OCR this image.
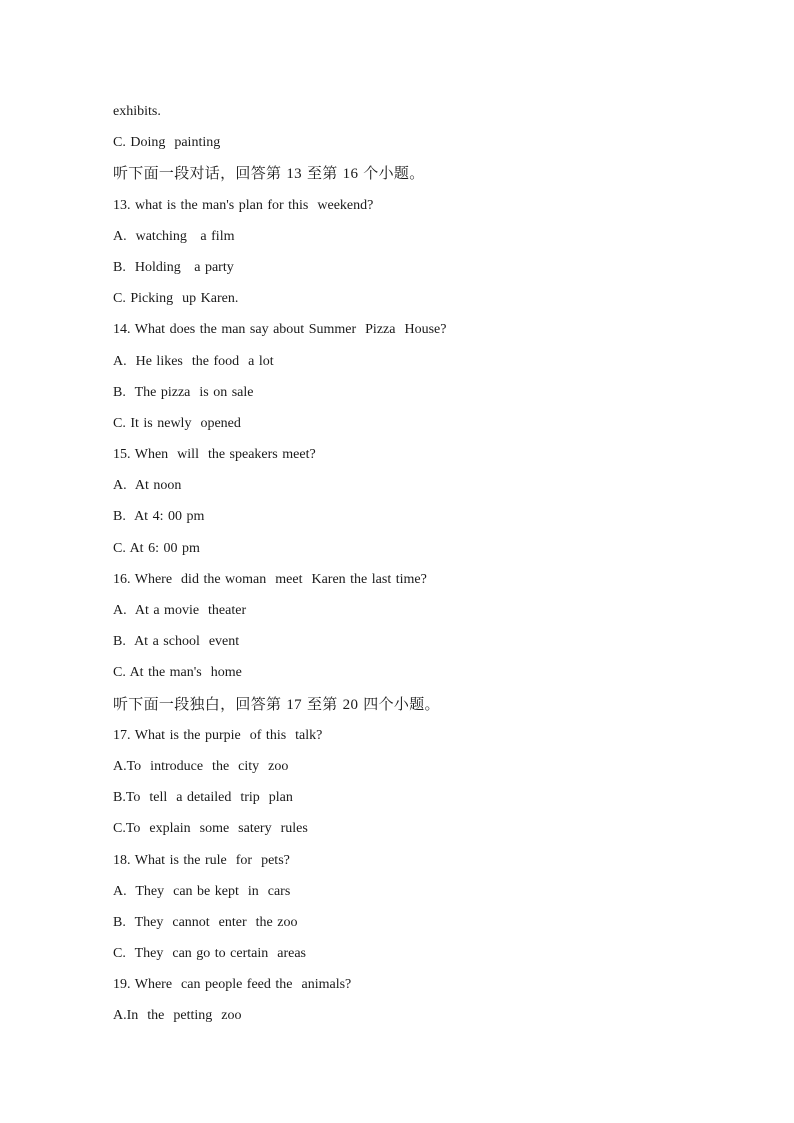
exhibits.
C. Doing  painting
听下面一段对话，回答第 13 至第 16 个小题。
13. what is the man's plan for this  weekend?
A.  watching   a film
B.  Holding   a party
C. Picking  up Karen.
14. What does the man say about Summer  Pizza  House?
A.  He likes  the food  a lot
B.  The pizza  is on sale
C. It is newly  opened
15. When  will  the speakers meet?
A.  At noon
B.  At 4: 00 pm
C. At 6: 00 pm
16. Where  did the woman  meet  Karen the last time?
A.  At a movie  theater
B.  At a school  event
C. At the man's  home
听下面一段独白，回答第 17 至第 20 四个小题。
17. What is the purpie  of this  talk?
A.To  introduce  the  city  zoo
B.To  tell  a detailed  trip  plan
C.To  explain  some  satery  rules
18. What is the rule  for  pets?
A.  They  can be kept  in  cars
B.  They  cannot  enter  the zoo
C.  They  can go to certain  areas
19. Where  can people feed the  animals?
A.In  the  petting  zoo
